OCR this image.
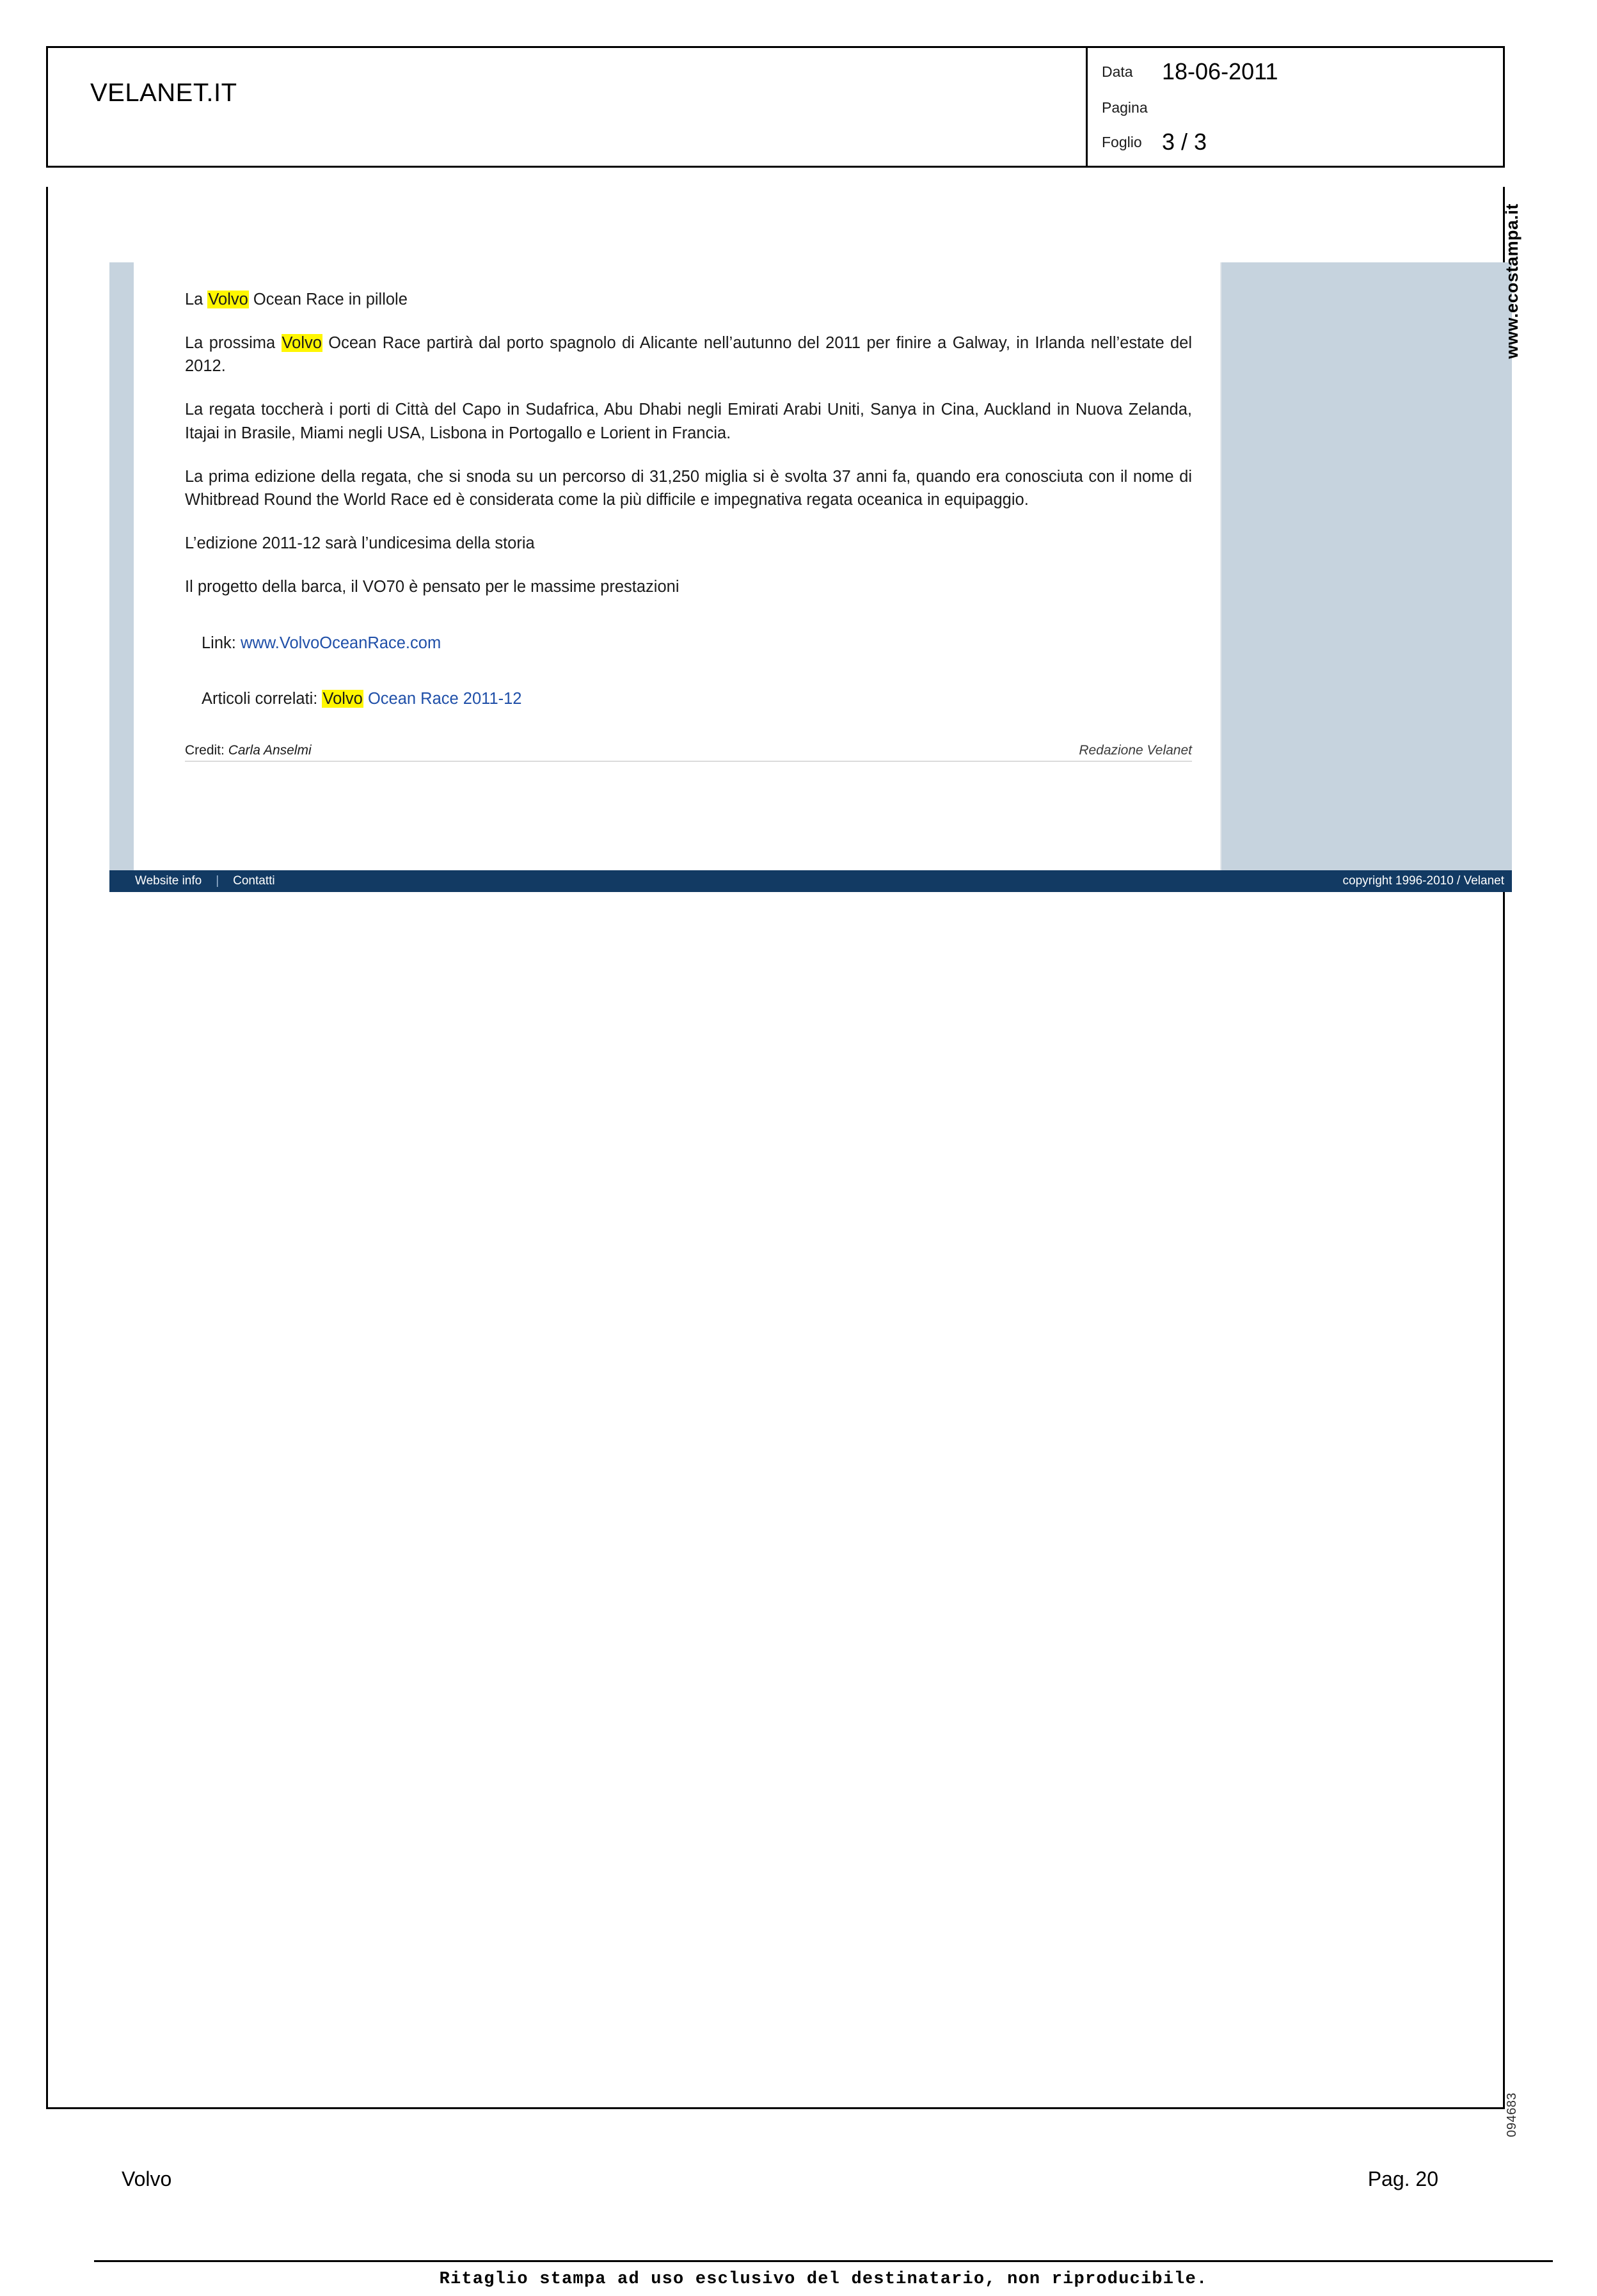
VELANET.IT
Data	18-06-2011
Pagina
Foglio 3 / 3

La Volvo Ocean Race in pillole

La prossima Volvo Ocean Race partirà dal porto spagnolo di Alicante nell’autunno del 2011 per finire a Galway, in Irlanda nell’estate del 2012.

La regata toccherà i porti di Città del Capo in Sudafrica, Abu Dhabi negli Emirati Arabi Uniti, Sanya in Cina, Auckland in Nuova Zelanda, Itajai in Brasile, Miami negli USA, Lisbona in Portogallo e Lorient in Francia.

La prima edizione della regata, che si snoda su un percorso di 31,250 miglia si è svolta 37 anni fa, quando era conosciuta con il nome di Whitbread Round the World Race ed è considerata come la più difficile e impegnativa regata oceanica in equipaggio.

L’edizione 2011-12 sarà l’undicesima della storia

Il progetto della barca, il VO70 è pensato per le massime prestazioni

Link: www.VolvoOceanRace.com
Articoli correlati: Volvo Ocean Race 2011-12
Credit: Carla Anselmi	Redazione Velanet
Website info | Contatti	copyright 1996-2010 / Velanet
Ritaglio stampa ad uso esclusivo del destinatario, non riproducibile.
www.ecostampa.it
094683
Volvo	Pag. 20
